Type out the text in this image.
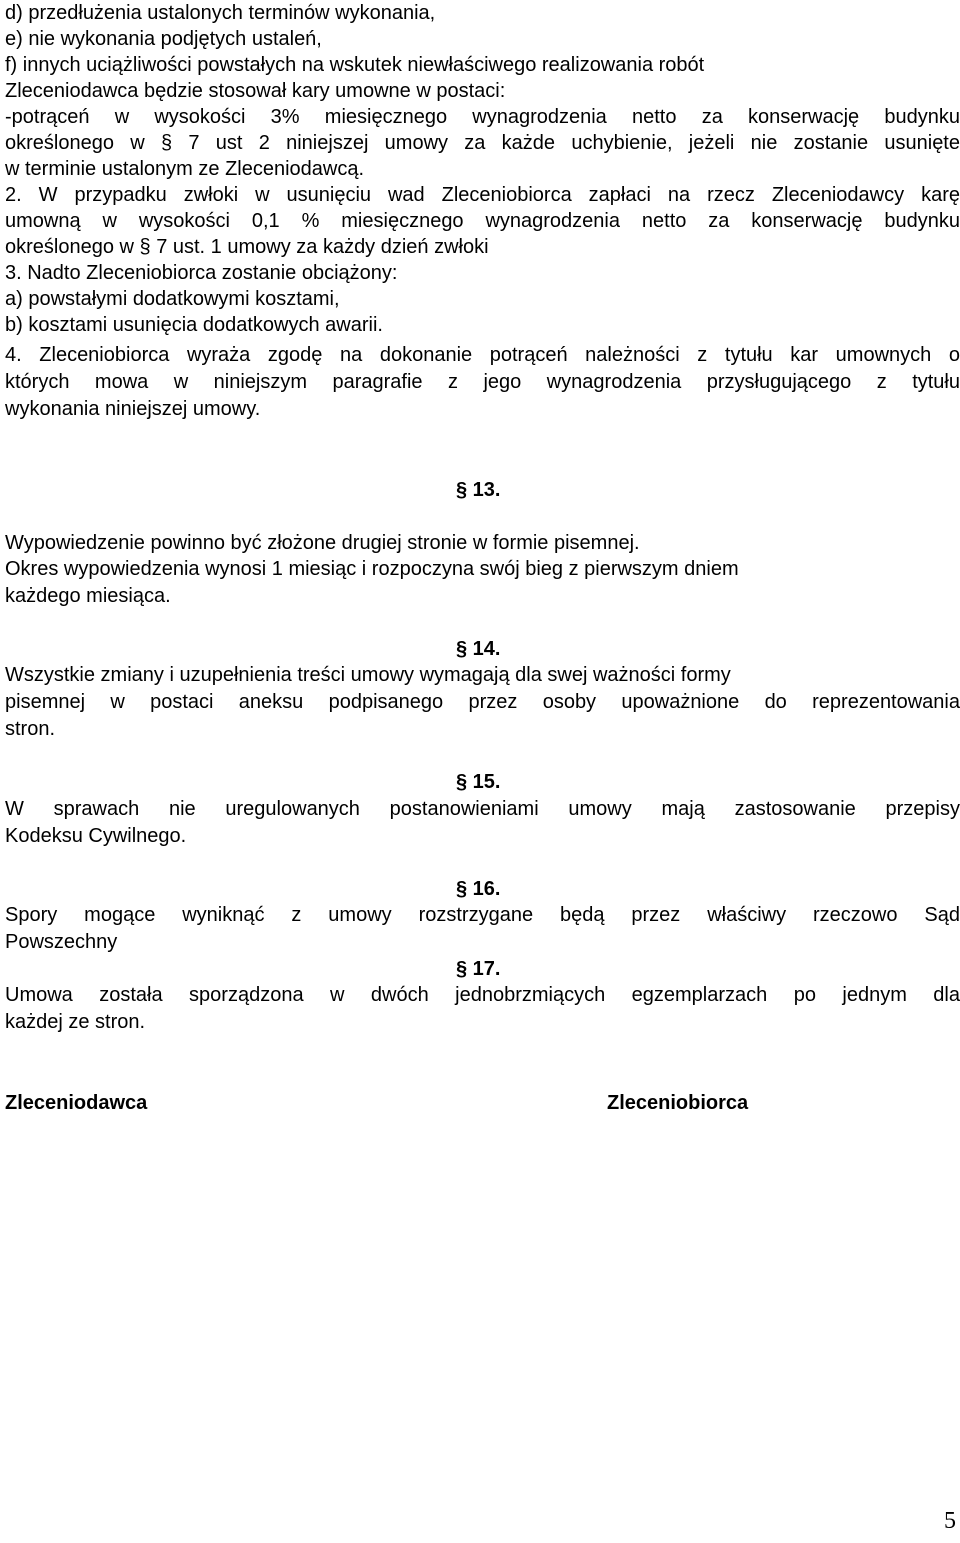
d) przedłużenia ustalonych terminów wykonania,
e) nie wykonania podjętych ustaleń,
f) innych uciążliwości powstałych na wskutek niewłaściwego realizowania robót
Zleceniodawca będzie stosował kary umowne w postaci:
-potrąceń w wysokości 3% miesięcznego wynagrodzenia netto za konserwację budynku
określonego w § 7 ust 2 niniejszej umowy za każde uchybienie, jeżeli nie zostanie usunięte
w terminie ustalonym ze Zleceniodawcą.
2. W przypadku zwłoki w usunięciu wad Zleceniobiorca zapłaci na rzecz Zleceniodawcy karę
umowną w wysokości 0,1 % miesięcznego wynagrodzenia netto za konserwację budynku
określonego w § 7 ust. 1 umowy za każdy dzień zwłoki
3. Nadto Zleceniobiorca zostanie obciążony:
a) powstałymi dodatkowymi kosztami,
b) kosztami usunięcia dodatkowych awarii.
4. Zleceniobiorca wyraża zgodę na dokonanie potrąceń należności z tytułu kar umownych o
których mowa w niniejszym paragrafie z jego wynagrodzenia przysługującego z tytułu
wykonania niniejszej umowy.
§ 13.
Wypowiedzenie powinno być złożone drugiej stronie w formie pisemnej.
Okres wypowiedzenia wynosi 1 miesiąc i rozpoczyna swój bieg z pierwszym dniem
każdego miesiąca.
§ 14.
Wszystkie zmiany i uzupełnienia treści umowy wymagają dla swej ważności formy
pisemnej w postaci aneksu podpisanego przez osoby upoważnione do reprezentowania
stron.
§ 15.
W sprawach nie uregulowanych postanowieniami umowy mają zastosowanie przepisy
Kodeksu Cywilnego.
§ 16.
Spory mogące wyniknąć z umowy rozstrzygane będą przez właściwy rzeczowo Sąd
Powszechny
§ 17.
Umowa została sporządzona w dwóch jednobrzmiących egzemplarzach po jednym dla
każdej ze stron.
Zleceniodawca	Zleceniobiorca
5
